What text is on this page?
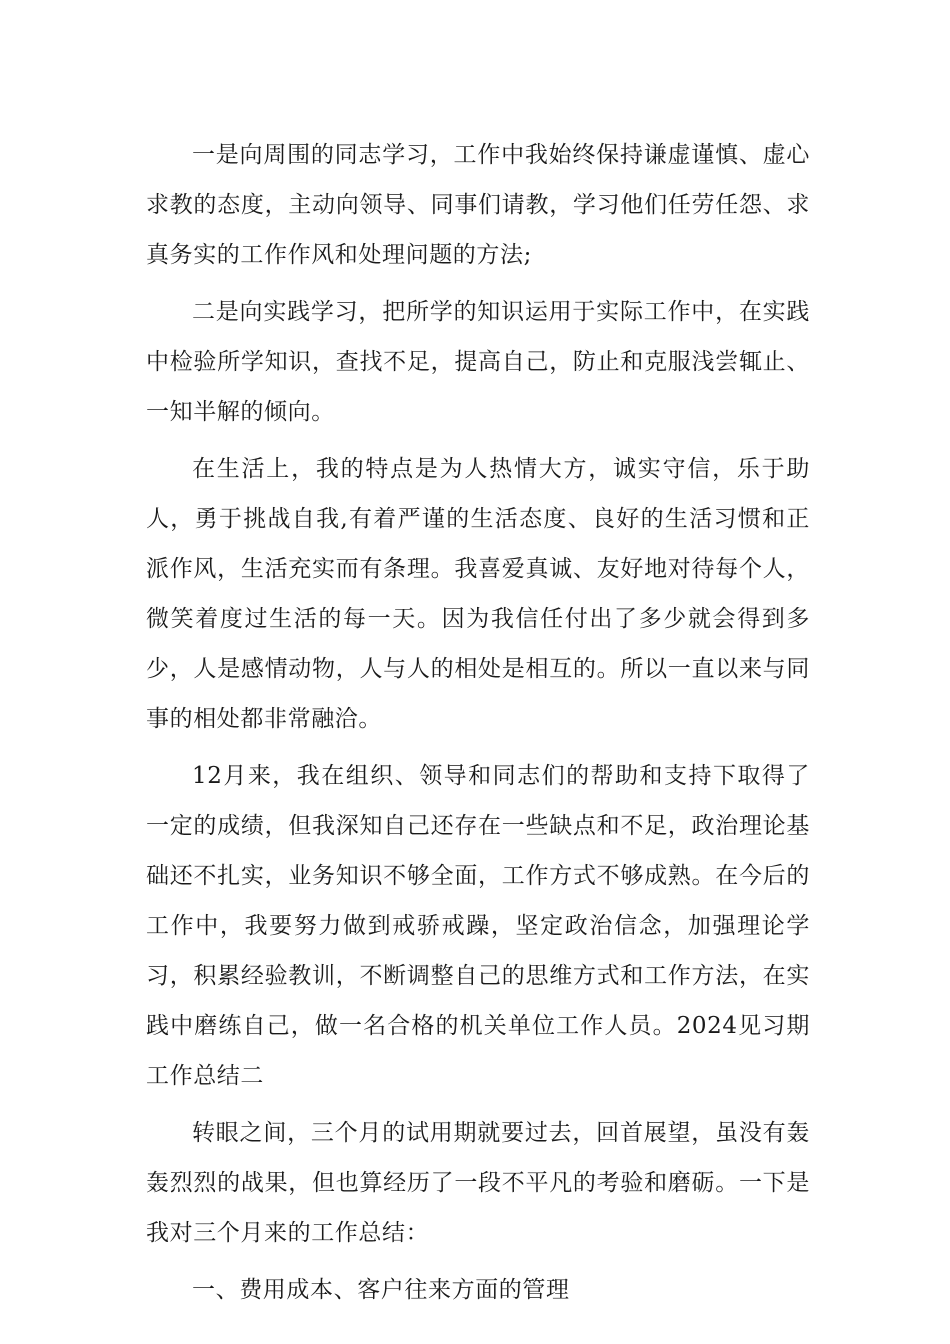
一是向周围的同志学习，工作中我始终保持谦虚谨慎、虚心求教的态度，主动向领导、同事们请教，学习他们任劳任怨、求真务实的工作作风和处理问题的方法;

二是向实践学习，把所学的知识运用于实际工作中，在实践中检验所学知识，查找不足，提高自己，防止和克服浅尝辄止、一知半解的倾向。

在生活上，我的特点是为人热情大方，诚实守信，乐于助人，勇于挑战自我,有着严谨的生活态度、良好的生活习惯和正派作风，生活充实而有条理。我喜爱真诚、友好地对待每个人，微笑着度过生活的每一天。因为我信任付出了多少就会得到多少，人是感情动物，人与人的相处是相互的。所以一直以来与同事的相处都非常融洽。

12月来，我在组织、领导和同志们的帮助和支持下取得了一定的成绩，但我深知自己还存在一些缺点和不足，政治理论基础还不扎实，业务知识不够全面，工作方式不够成熟。在今后的工作中，我要努力做到戒骄戒躁，坚定政治信念，加强理论学习，积累经验教训，不断调整自己的思维方式和工作方法，在实践中磨练自己，做一名合格的机关单位工作人员。2024见习期工作总结二

转眼之间，三个月的试用期就要过去，回首展望，虽没有轰轰烈烈的战果，但也算经历了一段不平凡的考验和磨砺。一下是我对三个月来的工作总结：

一、费用成本、客户往来方面的管理
